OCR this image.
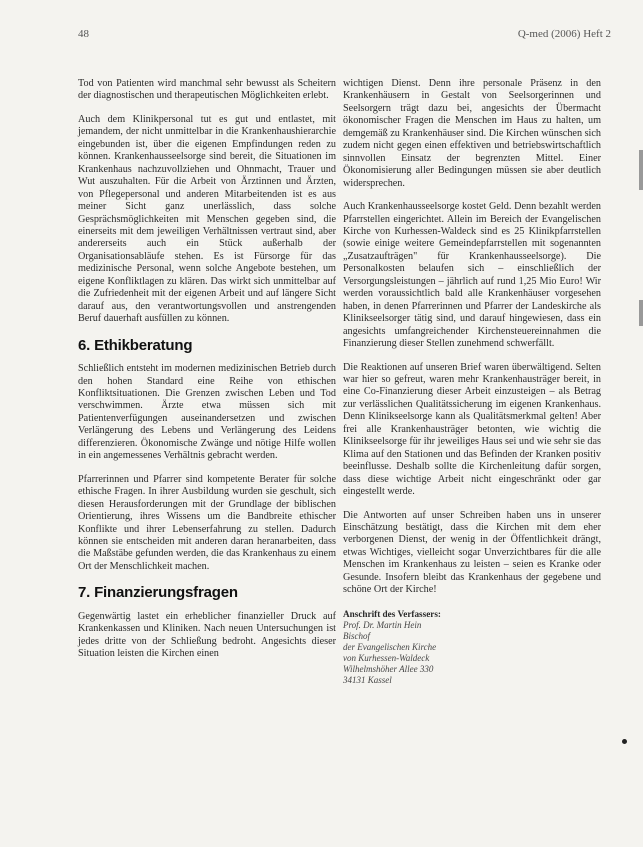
48	Q-med (2006) Heft 2

Tod von Patienten wird manchmal sehr bewusst als Scheitern der diagnostischen und therapeutischen Möglichkeiten erlebt.

Auch dem Klinikpersonal tut es gut und entlastet, mit jemandem, der nicht unmittelbar in die Krankenhaushierarchie eingebunden ist, über die eigenen Empfindungen reden zu können. Krankenhausseelsorge sind bereit, die Situationen im Krankenhaus nachzuvollziehen und Ohnmacht, Trauer und Wut auszuhalten. Für die Arbeit von Ärztinnen und Ärzten, von Pflegepersonal und anderen Mitarbeitenden ist es aus meiner Sicht ganz unerlässlich, dass solche Gesprächsmöglichkeiten mit Menschen gegeben sind, die einerseits mit dem jeweiligen Verhältnissen vertraut sind, aber andererseits auch ein Stück außerhalb der Organisationsabläufe stehen. Es ist Fürsorge für das medizinische Personal, wenn solche Angebote bestehen, um eigene Konfliktlagen zu klären. Das wirkt sich unmittelbar auf die Zufriedenheit mit der eigenen Arbeit und auf längere Sicht darauf aus, den verantwortungsvollen und anstrengenden Beruf dauerhaft ausfüllen zu können.

6. Ethikberatung

Schließlich entsteht im modernen medizinischen Betrieb durch den hohen Standard eine Reihe von ethischen Konfliktsituationen. Die Grenzen zwischen Leben und Tod verschwimmen. Ärzte etwa müssen sich mit Patientenverfügungen auseinandersetzen und zwischen Verlängerung des Lebens und Verlängerung des Leidens differenzieren. Ökonomische Zwänge und nötige Hilfe wollen in ein angemessenes Verhältnis gebracht werden.

Pfarrerinnen und Pfarrer sind kompetente Berater für solche ethische Fragen. In ihrer Ausbildung wurden sie geschult, sich diesen Herausforderungen mit der Grundlage der biblischen Orientierung, ihres Wissens um die Bandbreite ethischer Konflikte und ihrer Lebenserfahrung zu stellen. Dadurch können sie entscheiden mit anderen daran heranarbeiten, dass die Maßstäbe gefunden werden, die das Krankenhaus zu einem Ort der Menschlichkeit machen.

7. Finanzierungsfragen

Gegenwärtig lastet ein erheblicher finanzieller Druck auf Krankenkassen und Kliniken. Nach neuen Untersuchungen ist jedes dritte von der Schließung bedroht. Angesichts dieser Situation leisten die Kirchen einen

wichtigen Dienst. Denn ihre personale Präsenz in den Krankenhäusern in Gestalt von Seelsorgerinnen und Seelsorgern trägt dazu bei, angesichts der Übermacht ökonomischer Fragen die Menschen im Haus zu halten, um demgemäß zu Krankenhäuser sind. Die Kirchen wünschen sich zudem nicht gegen einen effektiven und betriebswirtschaftlich sinnvollen Einsatz der begrenzten Mittel. Einer Ökonomisierung aller Bedingungen müssen sie aber deutlich widersprechen.

Auch Krankenhausseelsorge kostet Geld. Denn bezahlt werden Pfarrstellen eingerichtet. Allein im Bereich der Evangelischen Kirche von Kurhessen-Waldeck sind es 25 Klinikpfarrstellen (sowie einige weitere Gemeindepfarrstellen mit sogenannten „Zusatzaufträgen" für Krankenhausseelsorge). Die Personalkosten belaufen sich – einschließlich der Versorgungsleistungen – jährlich auf rund 1,25 Mio Euro! Wir werden voraussichtlich bald alle Krankenhäuser vorgesehen haben, in denen Pfarrerinnen und Pfarrer der Landeskirche als Klinikseelsorger tätig sind, und darauf hingewiesen, dass ein angesichts umfangreichender Kirchensteuereinnahmen die Finanzierung dieser Stellen zunehmend schwerfällt.

Die Reaktionen auf unseren Brief waren überwältigend. Selten war hier so gefreut, waren mehr Krankenhausträger bereit, in eine Co-Finanzierung dieser Arbeit einzusteigen – als Betrag zur verlässlichen Qualitätssicherung im eigenen Krankenhaus. Denn Klinikseelsorge kann als Qualitätsmerkmal gelten! Aber frei alle Krankenhausträger betonten, wie wichtig die Klinikseelsorge für ihr jeweiliges Haus sei und wie sehr sie das Klima auf den Stationen und das Befinden der Kranken positiv beeinflusse. Deshalb sollte die Kirchenleitung dafür sorgen, dass diese wichtige Arbeit nicht eingeschränkt oder gar eingestellt werde.

Die Antworten auf unser Schreiben haben uns in unserer Einschätzung bestätigt, dass die Kirchen mit dem eher verborgenen Dienst, der wenig in der Öffentlichkeit drängt, etwas Wichtiges, vielleicht sogar Unverzichtbares für die alle Menschen im Krankenhaus zu leisten – seien es Kranke oder Gesunde. Insofern bleibt das Krankenhaus der gegebene und schöne Ort der Kirche!

Anschrift des Verfassers:
Prof. Dr. Martin Hein
Bischof
der Evangelischen Kirche
von Kurhessen-Waldeck
Wilhelmshöher Allee 330
34131 Kassel
